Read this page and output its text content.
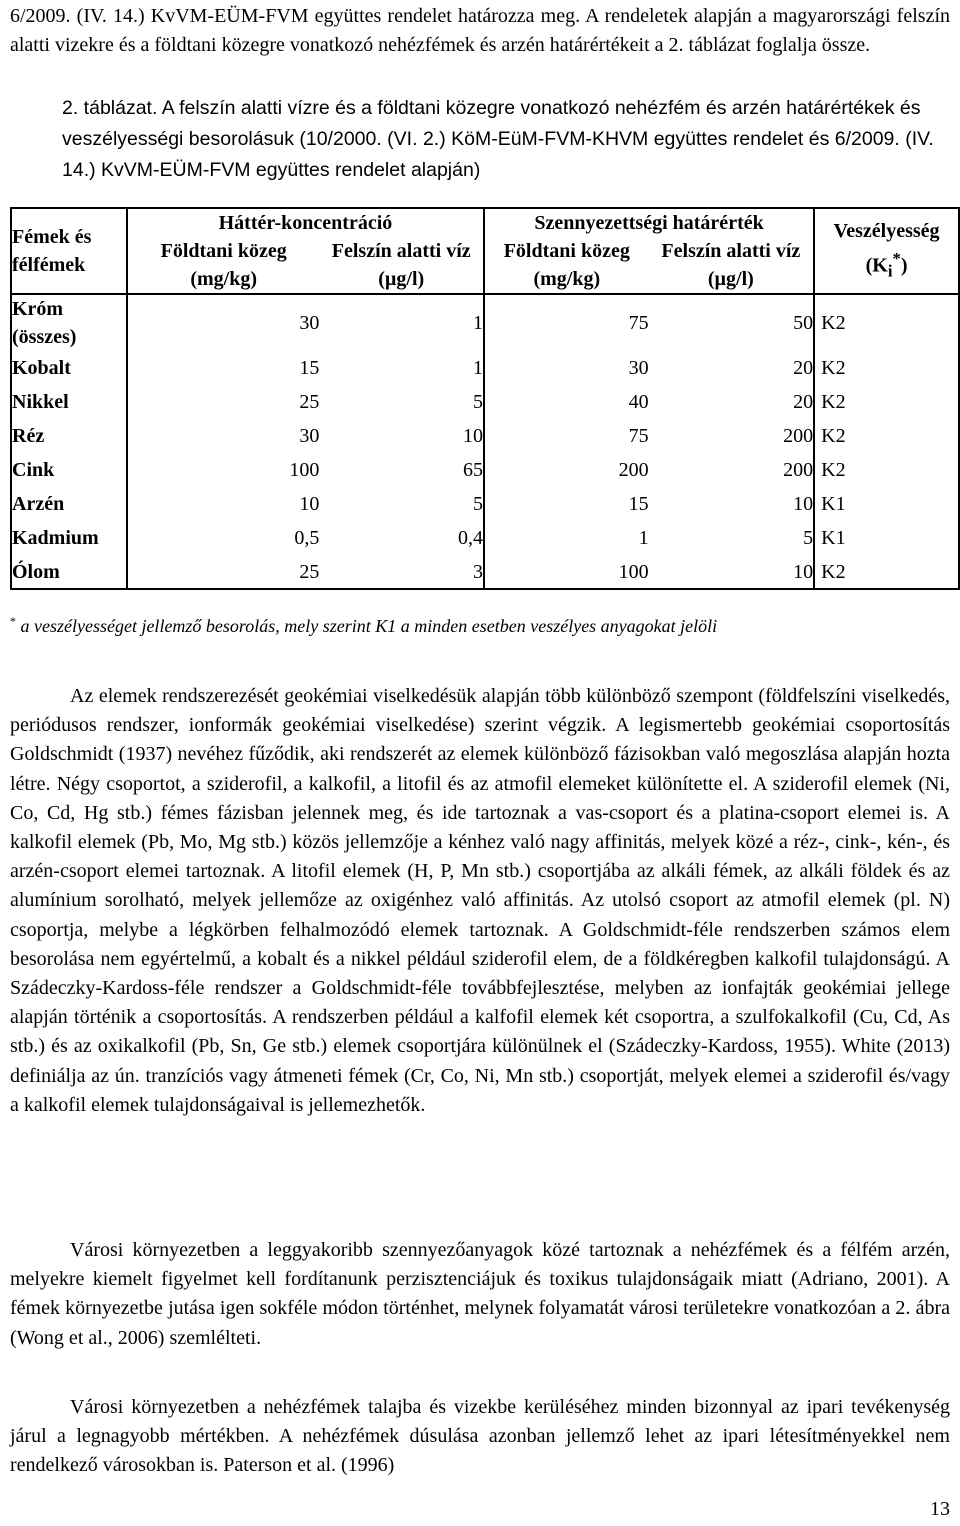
6/2009. (IV. 14.) KvVM-EÜM-FVM együttes rendelet határozza meg. A rendeletek alapján a magyarországi felszín alatti vizekre és a földtani közegre vonatkozó nehézfémek és arzén határértékeit a 2. táblázat foglalja össze.
2. táblázat. A felszín alatti vízre és a földtani közegre vonatkozó nehézfém és arzén határértékek és veszélyességi besorolásuk (10/2000. (VI. 2.) KöM-EüM-FVM-KHVM együttes rendelet és 6/2009. (IV. 14.) KvVM-EÜM-FVM együttes rendelet alapján)
Fémek és félfémek	Háttér-koncentráció		Szennyezettségi határérték		Veszélyesség
$(K_i^*)$
	Földtani közeg (mg/kg)	Felszín alatti víz (µg/l)	Földtani közeg (mg/kg)	Felszín alatti víz (µg/l)	
Króm (összes)	30	1	75	50	K2
Kobalt	15	1	30	20	K2
Nikkel	25	5	40	20	K2
Réz	30	10	75	200	K2
Cink	100	65	200	200	K2
Arzén	10	5	15	10	K1
Kadmium	0,5	0,4	1	5	K1
Ólom	25	3	100	10	K2
* a veszélyességet jellemző besorolás, mely szerint K1 a minden esetben veszélyes anyagokat jelöli

Az elemek rendszerezését geokémiai viselkedésük alapján több különböző szempont (földfelszíni viselkedés, periódusos rendszer, ionformák geokémiai viselkedése) szerint végzik. A legismertebb geokémiai csoportosítás Goldschmidt (1937) nevéhez fűződik, aki rendszerét az elemek különböző fázisokban való megoszlása alapján hozta létre. Négy csoportot, a sziderofil, a kalkofil, a litofil és az atmofil elemeket különítette el. A sziderofil elemek (Ni, Co, Cd, Hg stb.) fémes fázisban jelennek meg, és ide tartoznak a vas-csoport és a platina-csoport elemei is. A kalkofil elemek (Pb, Mo, Mg stb.) közös jellemzője a kénhez való nagy affinitás, melyek közé a réz-, cink-, kén-, és arzén-csoport elemei tartoznak. A litofil elemek (H, P, Mn stb.) csoportjába az alkáli fémek, az alkáli földek és az alumínium sorolható, melyek jellemőze az oxigénhez való affinitás. Az utolsó csoport az atmofil elemek (pl. N) csoportja, melybe a légkörben felhalmozódó elemek tartoznak. A Goldschmidt-féle rendszerben számos elem besorolása nem egyértelmű, a kobalt és a nikkel például sziderofil elem, de a földkéregben kalkofil tulajdonságú. A Szádeczky-Kardoss-féle rendszer a Goldschmidt-féle továbbfejlesztése, melyben az ionfajták geokémiai jellege alapján történik a csoportosítás. A rendszerben például a kalfofil elemek két csoportra, a szulfokalkofil (Cu, Cd, As stb.) és az oxikalkofil (Pb, Sn, Ge stb.) elemek csoportjára különülnek el (Szádeczky-Kardoss, 1955). White (2013) definiálja az ún. tranzíciós vagy átmeneti fémek (Cr, Co, Ni, Mn stb.) csoportját, melyek elemei a sziderofil és/vagy a kalkofil elemek tulajdonságaival is jellemezhetők.

Városi környezetben a leggyakoribb szennyezőanyagok közé tartoznak a nehézfémek és a félfém arzén, melyekre kiemelt figyelmet kell fordítanunk perzisztenciájuk és toxikus tulajdonságaik miatt (Adriano, 2001). A fémek környezetbe jutása igen sokféle módon történhet, melynek folyamatát városi területekre vonatkozóan a 2. ábra (Wong et al., 2006) szemlélteti.

Városi környezetben a nehézfémek talajba és vizekbe kerüléséhez minden bizonnyal az ipari tevékenység járul a legnagyobb mértékben. A nehézfémek dúsulása azonban jellemző lehet az ipari létesítményekkel nem rendelkező városokban is. Paterson et al. (1996)

13
